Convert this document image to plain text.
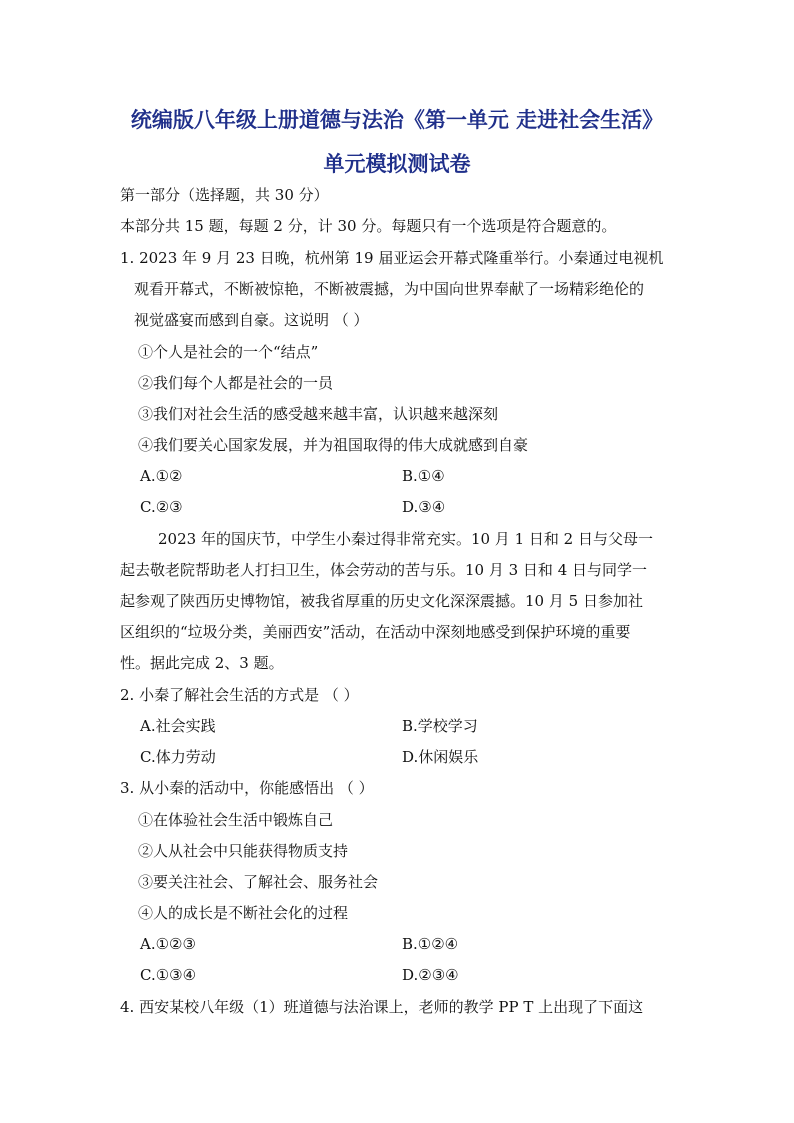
统编版八年级上册道德与法治《第一单元 走进社会生活》
单元模拟测试卷
第一部分（选择题，共 30 分）
本部分共 15 题，每题 2 分，计 30 分。每题只有一个选项是符合题意的。
1. 2023 年 9 月 23 日晚，杭州第 19 届亚运会开幕式隆重举行。小秦通过电视机
观看开幕式，不断被惊艳，不断被震撼，为中国向世界奉献了一场精彩绝伦的
视觉盛宴而感到自豪。这说明 （ ）
①个人是社会的一个“结点”
②我们每个人都是社会的一员
③我们对社会生活的感受越来越丰富，认识越来越深刻
④我们要关心国家发展，并为祖国取得的伟大成就感到自豪
A.①②	B.①④
C.②③	D.③④
2023 年的国庆节，中学生小秦过得非常充实。10 月 1 日和 2 日与父母一
起去敬老院帮助老人打扫卫生，体会劳动的苦与乐。10 月 3 日和 4 日与同学一
起参观了陕西历史博物馆，被我省厚重的历史文化深深震撼。10 月 5 日参加社
区组织的“垃圾分类，美丽西安”活动，在活动中深刻地感受到保护环境的重要
性。据此完成 2、3 题。
2. 小秦了解社会生活的方式是 （ ）
A.社会实践	B.学校学习
C.体力劳动	D.休闲娱乐
3. 从小秦的活动中，你能感悟出 （ ）
①在体验社会生活中锻炼自己
②人从社会中只能获得物质支持
③要关注社会、了解社会、服务社会
④人的成长是不断社会化的过程
A.①②③	B.①②④
C.①③④	D.②③④
4. 西安某校八年级（1）班道德与法治课上，老师的教学 PP T 上出现了下面这
